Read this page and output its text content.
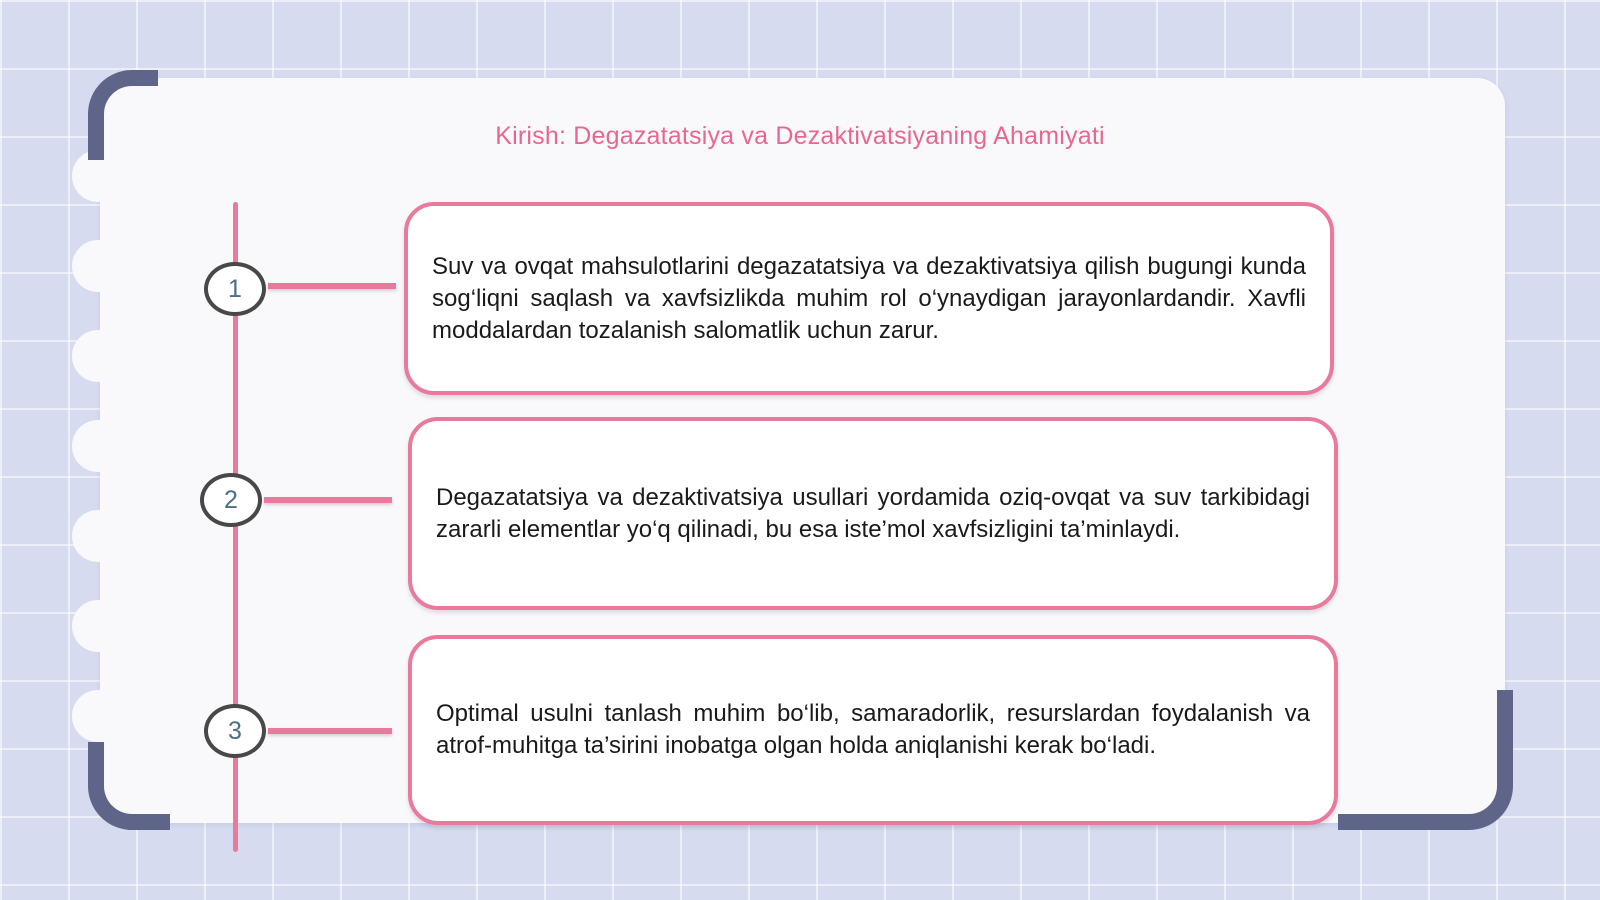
Kirish: Degazatatsiya va Dezaktivatsiyaning Ahamiyati
1
Suv va ovqat mahsulotlarini degazatatsiya va dezaktivatsiya qilish bugungi kunda sog‘liqni saqlash va xavfsizlikda muhim rol o‘ynaydigan jarayonlardandir. Xavfli moddalardan tozalanish salomatlik uchun zarur.
2	Degazatatsiya va dezaktivatsiya usullari yordamida oziq-ovqat va suv tarkibidagi zararli elementlar yo‘q qilinadi, bu esa iste’mol xavfsizligini ta’minlaydi.
3
Optimal usulni tanlash muhim bo‘lib, samaradorlik, resurslardan foydalanish va atrof-muhitga ta’sirini inobatga olgan holda aniqlanishi kerak bo‘ladi.
